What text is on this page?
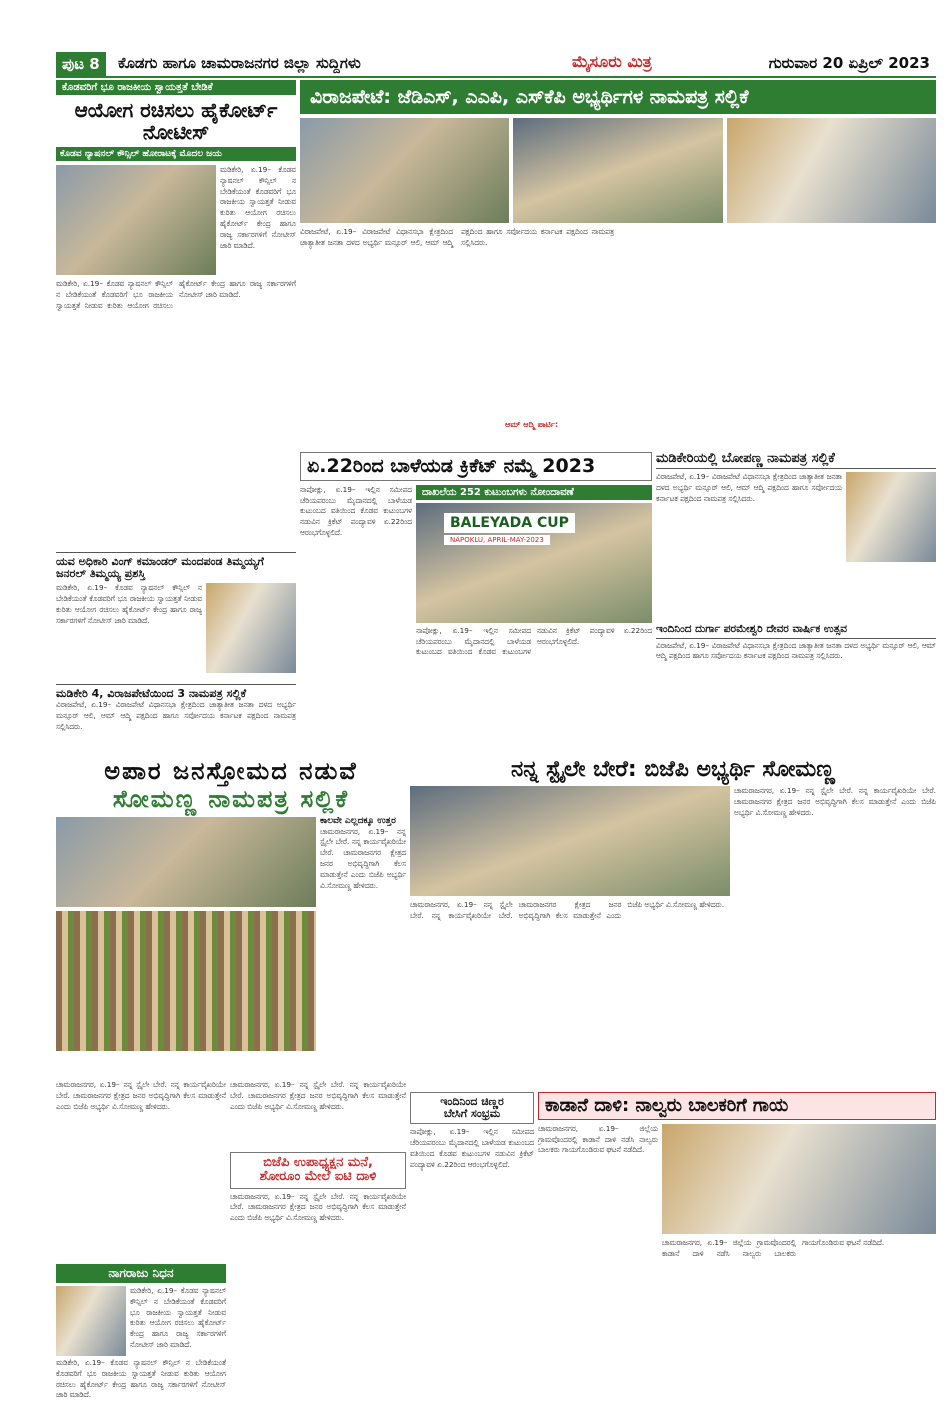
ಪುಟ 8	ಕೊಡಗು ಹಾಗೂ ಚಾಮರಾಜನಗರ ಜಿಲ್ಲಾ ಸುದ್ದಿಗಳು	ಮೈಸೂರು ಮಿತ್ರ	ಗುರುವಾರ 20 ಏಪ್ರಿಲ್ 2023
ಕೊಡವರಿಗೆ ಭೂ ರಾಜಕೀಯ ಸ್ವಾಯತ್ತತೆ ಬೇಡಿಕೆ
ಆಯೋಗ ರಚಿಸಲು ಹೈಕೋರ್ಟ್ ನೋಟೀಸ್
ಕೊಡವ ನ್ಯಾಷನಲ್ ಕೌನ್ಸಿಲ್ ಹೋರಾಟಕ್ಕೆ ಮೊದಲ ಜಯ
ಮಡಿಕೇರಿ, ಏ.19– ಕೊಡವ ನ್ಯಾಷನಲ್ ಕೌನ್ಸಿಲ್ ನ ಬೇಡಿಕೆಯಂತೆ ಕೊಡವರಿಗೆ ಭೂ ರಾಜಕೀಯ ಸ್ವಾಯತ್ತತೆ ನೀಡುವ ಕುರಿತು ಆಯೋಗ ರಚಿಸಲು ಹೈಕೋರ್ಟ್ ಕೇಂದ್ರ ಹಾಗೂ ರಾಜ್ಯ ಸರ್ಕಾರಗಳಿಗೆ ನೋಟೀಸ್ ಜಾರಿ ಮಾಡಿದೆ.
ಮಡಿಕೇರಿ, ಏ.19– ಕೊಡವ ನ್ಯಾಷನಲ್ ಕೌನ್ಸಿಲ್ ನ ಬೇಡಿಕೆಯಂತೆ ಕೊಡವರಿಗೆ ಭೂ ರಾಜಕೀಯ ಸ್ವಾಯತ್ತತೆ ನೀಡುವ ಕುರಿತು ಆಯೋಗ ರಚಿಸಲು ಹೈಕೋರ್ಟ್ ಕೇಂದ್ರ ಹಾಗೂ ರಾಜ್ಯ ಸರ್ಕಾರಗಳಿಗೆ ನೋಟೀಸ್ ಜಾರಿ ಮಾಡಿದೆ.
ವಿರಾಜಪೇಟೆ: ಜೆಡಿಎಸ್, ಎಎಪಿ, ಎಸ್‌ಕೆಪಿ ಅಭ್ಯರ್ಥಿಗಳ ನಾಮಪತ್ರ ಸಲ್ಲಿಕೆ
ವಿರಾಜಪೇಟೆ, ಏ.19– ವಿರಾಜಪೇಟೆ ವಿಧಾನಸಭಾ ಕ್ಷೇತ್ರದಿಂದ ಜಾತ್ಯಾತೀತ ಜನತಾ ದಳದ ಅಭ್ಯರ್ಥಿ ಮನ್ಸೂರ್ ಆಲಿ, ಆಮ್ ಆದ್ಮಿ ಪಕ್ಷದಿಂದ ಹಾಗೂ ಸರ್ವೋದಯ ಕರ್ನಾಟಕ ಪಕ್ಷದಿಂದ ನಾಮಪತ್ರ ಸಲ್ಲಿಸಿದರು.
ಆಮ್ ಆದ್ಮಿ ಪಾರ್ಟಿ:
ಏ.22ರಿಂದ ಬಾಳೆಯಡ ಕ್ರಿಕೆಟ್ ನಮ್ಮೆ 2023
ನಾಪೋಕ್ಲು, ಏ.19– ಇಲ್ಲಿನ ಸಮೀಪದ ಚೆರಿಯಪರಂಬು ಮೈದಾನದಲ್ಲಿ ಬಾಳೆಯಡ ಕುಟುಂಬದ ವತಿಯಿಂದ ಕೊಡವ ಕುಟುಂಬಗಳ ನಡುವಿನ ಕ್ರಿಕೆಟ್ ಪಂದ್ಯಾವಳಿ ಏ.22ರಿಂದ ಆರಂಭಗೊಳ್ಳಲಿದೆ.
ದಾಖಲೆಯ 252 ಕುಟುಂಬಗಳು ನೋಂದಾವಣೆ
BALEYADA CUP
NAPOKLU, APRIL-MAY-2023
ನಾಪೋಕ್ಲು, ಏ.19– ಇಲ್ಲಿನ ಸಮೀಪದ ಚೆರಿಯಪರಂಬು ಮೈದಾನದಲ್ಲಿ ಬಾಳೆಯಡ ಕುಟುಂಬದ ವತಿಯಿಂದ ಕೊಡವ ಕುಟುಂಬಗಳ ನಡುವಿನ ಕ್ರಿಕೆಟ್ ಪಂದ್ಯಾವಳಿ ಏ.22ರಿಂದ ಆರಂಭಗೊಳ್ಳಲಿದೆ.
ಮಡಿಕೇರಿಯಲ್ಲಿ ಬೋಪಣ್ಣ ನಾಮಪತ್ರ ಸಲ್ಲಿಕೆ
ವಿರಾಜಪೇಟೆ, ಏ.19– ವಿರಾಜಪೇಟೆ ವಿಧಾನಸಭಾ ಕ್ಷೇತ್ರದಿಂದ ಜಾತ್ಯಾತೀತ ಜನತಾ ದಳದ ಅಭ್ಯರ್ಥಿ ಮನ್ಸೂರ್ ಆಲಿ, ಆಮ್ ಆದ್ಮಿ ಪಕ್ಷದಿಂದ ಹಾಗೂ ಸರ್ವೋದಯ ಕರ್ನಾಟಕ ಪಕ್ಷದಿಂದ ನಾಮಪತ್ರ ಸಲ್ಲಿಸಿದರು.
ಇಂದಿನಿಂದ ದುರ್ಗಾ ಪರಮೇಶ್ವರಿ ದೇವರ ವಾರ್ಷಿಕ ಉತ್ಸವ
ವಿರಾಜಪೇಟೆ, ಏ.19– ವಿರಾಜಪೇಟೆ ವಿಧಾನಸಭಾ ಕ್ಷೇತ್ರದಿಂದ ಜಾತ್ಯಾತೀತ ಜನತಾ ದಳದ ಅಭ್ಯರ್ಥಿ ಮನ್ಸೂರ್ ಆಲಿ, ಆಮ್ ಆದ್ಮಿ ಪಕ್ಷದಿಂದ ಹಾಗೂ ಸರ್ವೋದಯ ಕರ್ನಾಟಕ ಪಕ್ಷದಿಂದ ನಾಮಪತ್ರ ಸಲ್ಲಿಸಿದರು.
ಯವ ಅಧಿಕಾರಿ ವಿಂಗ್ ಕಮಾಂಡರ್ ಮಂದಪಂಡ ತಿಮ್ಮಯ್ಯಗೆ ಜನರಲ್ ತಿಮ್ಮಯ್ಯ ಪ್ರಶಸ್ತಿ
ಮಡಿಕೇರಿ, ಏ.19– ಕೊಡವ ನ್ಯಾಷನಲ್ ಕೌನ್ಸಿಲ್ ನ ಬೇಡಿಕೆಯಂತೆ ಕೊಡವರಿಗೆ ಭೂ ರಾಜಕೀಯ ಸ್ವಾಯತ್ತತೆ ನೀಡುವ ಕುರಿತು ಆಯೋಗ ರಚಿಸಲು ಹೈಕೋರ್ಟ್ ಕೇಂದ್ರ ಹಾಗೂ ರಾಜ್ಯ ಸರ್ಕಾರಗಳಿಗೆ ನೋಟೀಸ್ ಜಾರಿ ಮಾಡಿದೆ.
ಮಡಿಕೇರಿ 4, ವಿರಾಜಪೇಟೆಯಿಂದ 3 ನಾಮಪತ್ರ ಸಲ್ಲಿಕೆ
ವಿರಾಜಪೇಟೆ, ಏ.19– ವಿರಾಜಪೇಟೆ ವಿಧಾನಸಭಾ ಕ್ಷೇತ್ರದಿಂದ ಜಾತ್ಯಾತೀತ ಜನತಾ ದಳದ ಅಭ್ಯರ್ಥಿ ಮನ್ಸೂರ್ ಆಲಿ, ಆಮ್ ಆದ್ಮಿ ಪಕ್ಷದಿಂದ ಹಾಗೂ ಸರ್ವೋದಯ ಕರ್ನಾಟಕ ಪಕ್ಷದಿಂದ ನಾಮಪತ್ರ ಸಲ್ಲಿಸಿದರು.
ಅಪಾರ ಜನಸ್ತೋಮದ ನಡುವೆ
ಸೋಮಣ್ಣ ನಾಮಪತ್ರ ಸಲ್ಲಿಕೆ
ಕಾಲವೇ ಎಲ್ಲದಕ್ಕೂ ಉತ್ತರ
ಚಾಮರಾಜನಗರ, ಏ.19– ನನ್ನ ಸ್ಟೈಲೇ ಬೇರೆ. ನನ್ನ ಕಾರ್ಯವೈಖರಿಯೇ ಬೇರೆ. ಚಾಮರಾಜನಗರ ಕ್ಷೇತ್ರದ ಜನರ ಅಭಿವೃದ್ಧಿಗಾಗಿ ಕೆಲಸ ಮಾಡುತ್ತೇನೆ ಎಂದು ಬಿಜೆಪಿ ಅಭ್ಯರ್ಥಿ ವಿ.ಸೋಮಣ್ಣ ಹೇಳಿದರು.
ನನ್ನ ಸ್ಟೈಲೇ ಬೇರೆ: ಬಿಜೆಪಿ ಅಭ್ಯರ್ಥಿ ಸೋಮಣ್ಣ
ಚಾಮರಾಜನಗರ, ಏ.19– ನನ್ನ ಸ್ಟೈಲೇ ಬೇರೆ. ನನ್ನ ಕಾರ್ಯವೈಖರಿಯೇ ಬೇರೆ. ಚಾಮರಾಜನಗರ ಕ್ಷೇತ್ರದ ಜನರ ಅಭಿವೃದ್ಧಿಗಾಗಿ ಕೆಲಸ ಮಾಡುತ್ತೇನೆ ಎಂದು ಬಿಜೆಪಿ ಅಭ್ಯರ್ಥಿ ವಿ.ಸೋಮಣ್ಣ ಹೇಳಿದರು.
ಚಾಮರಾಜನಗರ, ಏ.19– ನನ್ನ ಸ್ಟೈಲೇ ಬೇರೆ. ನನ್ನ ಕಾರ್ಯವೈಖರಿಯೇ ಬೇರೆ. ಚಾಮರಾಜನಗರ ಕ್ಷೇತ್ರದ ಜನರ ಅಭಿವೃದ್ಧಿಗಾಗಿ ಕೆಲಸ ಮಾಡುತ್ತೇನೆ ಎಂದು ಬಿಜೆಪಿ ಅಭ್ಯರ್ಥಿ ವಿ.ಸೋಮಣ್ಣ ಹೇಳಿದರು.
ಚಾಮರಾಜನಗರ, ಏ.19– ನನ್ನ ಸ್ಟೈಲೇ ಬೇರೆ. ನನ್ನ ಕಾರ್ಯವೈಖರಿಯೇ ಬೇರೆ. ಚಾಮರಾಜನಗರ ಕ್ಷೇತ್ರದ ಜನರ ಅಭಿವೃದ್ಧಿಗಾಗಿ ಕೆಲಸ ಮಾಡುತ್ತೇನೆ ಎಂದು ಬಿಜೆಪಿ ಅಭ್ಯರ್ಥಿ ವಿ.ಸೋಮಣ್ಣ ಹೇಳಿದರು.
ನಾಗರಾಜು ನಿಧನ
ಮಡಿಕೇರಿ, ಏ.19– ಕೊಡವ ನ್ಯಾಷನಲ್ ಕೌನ್ಸಿಲ್ ನ ಬೇಡಿಕೆಯಂತೆ ಕೊಡವರಿಗೆ ಭೂ ರಾಜಕೀಯ ಸ್ವಾಯತ್ತತೆ ನೀಡುವ ಕುರಿತು ಆಯೋಗ ರಚಿಸಲು ಹೈಕೋರ್ಟ್ ಕೇಂದ್ರ ಹಾಗೂ ರಾಜ್ಯ ಸರ್ಕಾರಗಳಿಗೆ ನೋಟೀಸ್ ಜಾರಿ ಮಾಡಿದೆ.
ಮಡಿಕೇರಿ, ಏ.19– ಕೊಡವ ನ್ಯಾಷನಲ್ ಕೌನ್ಸಿಲ್ ನ ಬೇಡಿಕೆಯಂತೆ ಕೊಡವರಿಗೆ ಭೂ ರಾಜಕೀಯ ಸ್ವಾಯತ್ತತೆ ನೀಡುವ ಕುರಿತು ಆಯೋಗ ರಚಿಸಲು ಹೈಕೋರ್ಟ್ ಕೇಂದ್ರ ಹಾಗೂ ರಾಜ್ಯ ಸರ್ಕಾರಗಳಿಗೆ ನೋಟೀಸ್ ಜಾರಿ ಮಾಡಿದೆ.
ಚಾಮರಾಜನಗರ, ಏ.19– ನನ್ನ ಸ್ಟೈಲೇ ಬೇರೆ. ನನ್ನ ಕಾರ್ಯವೈಖರಿಯೇ ಬೇರೆ. ಚಾಮರಾಜನಗರ ಕ್ಷೇತ್ರದ ಜನರ ಅಭಿವೃದ್ಧಿಗಾಗಿ ಕೆಲಸ ಮಾಡುತ್ತೇನೆ ಎಂದು ಬಿಜೆಪಿ ಅಭ್ಯರ್ಥಿ ವಿ.ಸೋಮಣ್ಣ ಹೇಳಿದರು.
ಬಿಜೆಪಿ ಉಪಾಧ್ಯಕ್ಷನ ಮನೆ,
ಶೋರೂಂ ಮೇಲೆ ಐಟಿ ದಾಳಿ
ಚಾಮರಾಜನಗರ, ಏ.19– ನನ್ನ ಸ್ಟೈಲೇ ಬೇರೆ. ನನ್ನ ಕಾರ್ಯವೈಖರಿಯೇ ಬೇರೆ. ಚಾಮರಾಜನಗರ ಕ್ಷೇತ್ರದ ಜನರ ಅಭಿವೃದ್ಧಿಗಾಗಿ ಕೆಲಸ ಮಾಡುತ್ತೇನೆ ಎಂದು ಬಿಜೆಪಿ ಅಭ್ಯರ್ಥಿ ವಿ.ಸೋಮಣ್ಣ ಹೇಳಿದರು.
ಇಂದಿನಿಂದ ಚಿಣ್ಣರ
ಬೇಸಿಗೆ ಸಂಭ್ರಮ
ನಾಪೋಕ್ಲು, ಏ.19– ಇಲ್ಲಿನ ಸಮೀಪದ ಚೆರಿಯಪರಂಬು ಮೈದಾನದಲ್ಲಿ ಬಾಳೆಯಡ ಕುಟುಂಬದ ವತಿಯಿಂದ ಕೊಡವ ಕುಟುಂಬಗಳ ನಡುವಿನ ಕ್ರಿಕೆಟ್ ಪಂದ್ಯಾವಳಿ ಏ.22ರಿಂದ ಆರಂಭಗೊಳ್ಳಲಿದೆ.
ಕಾಡಾನೆ ದಾಳಿ: ನಾಲ್ವರು ಬಾಲಕರಿಗೆ ಗಾಯ
ಚಾಮರಾಜನಗರ, ಏ.19– ಜಿಲ್ಲೆಯ ಗ್ರಾಮವೊಂದರಲ್ಲಿ ಕಾಡಾನೆ ದಾಳಿ ನಡೆಸಿ ನಾಲ್ವರು ಬಾಲಕರು ಗಾಯಗೊಂಡಿರುವ ಘಟನೆ ನಡೆದಿದೆ.
ಚಾಮರಾಜನಗರ, ಏ.19– ಜಿಲ್ಲೆಯ ಗ್ರಾಮವೊಂದರಲ್ಲಿ ಕಾಡಾನೆ ದಾಳಿ ನಡೆಸಿ ನಾಲ್ವರು ಬಾಲಕರು ಗಾಯಗೊಂಡಿರುವ ಘಟನೆ ನಡೆದಿದೆ.
